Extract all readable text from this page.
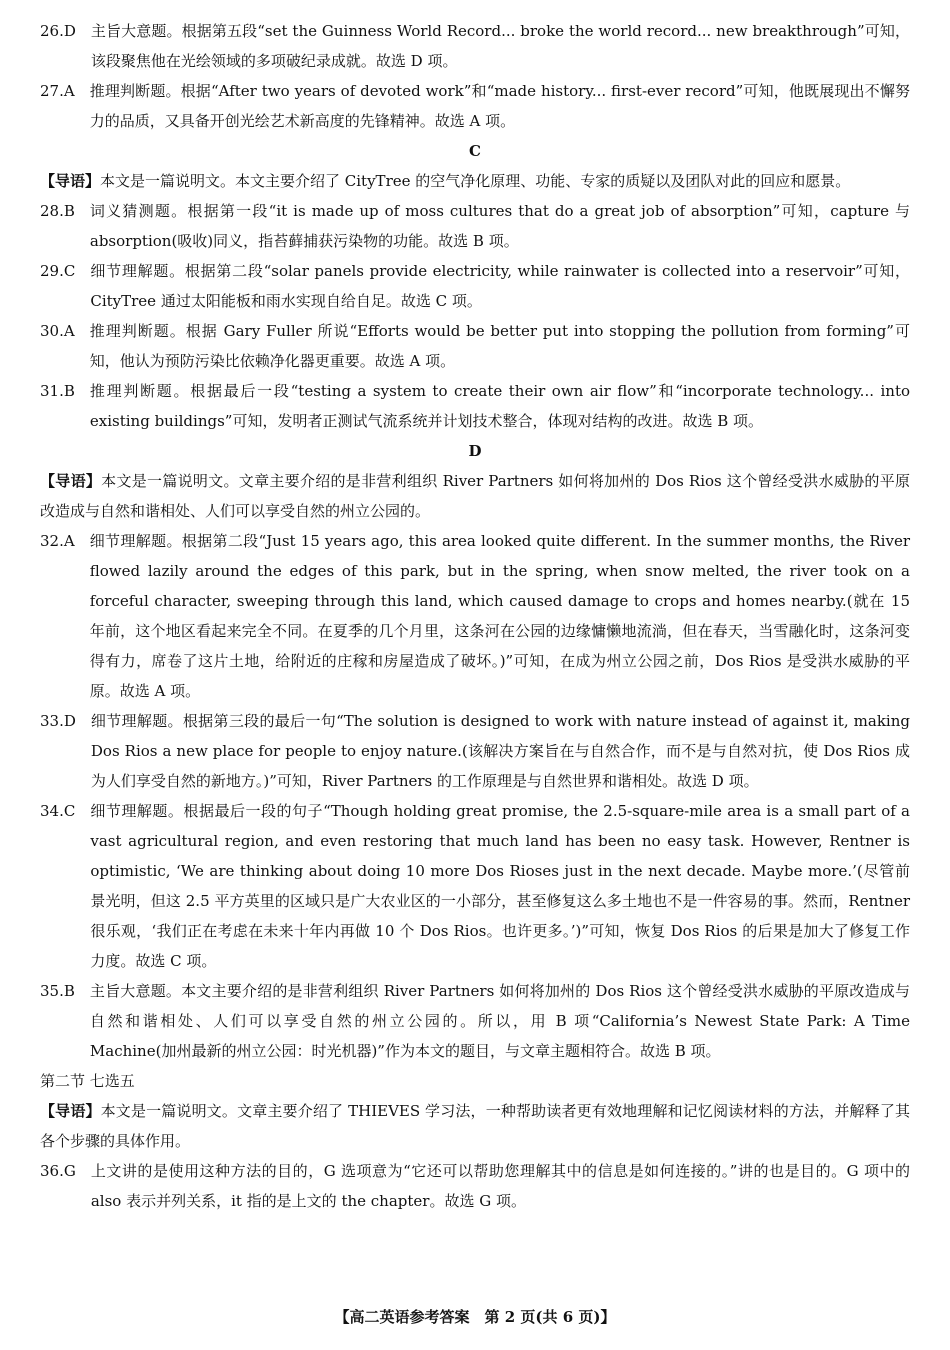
26.D　 主旨大意题。根据第五段“set the Guinness World Record... broke the world record... new breakthrough”可知，该段聚焦他在光绘领域的多项破纪录成就。故选 D 项。
27.A　 推理判断题。根据“After two years of devoted work”和“made history... first-ever record”可知，他既展现出不懈努力的品质，又具备开创光绘艺术新高度的先锋精神。故选 A 项。

C

【导语】本文是一篇说明文。本文主要介绍了 CityTree 的空气净化原理、功能、专家的质疑以及团队对此的回应和愿景。

28.B　 词义猜测题。根据第一段“it is made up of moss cultures that do a great job of absorption”可知，capture 与 absorption(吸收)同义，指苔藓捕获污染物的功能。故选 B 项。
29.C　 细节理解题。根据第二段“solar panels provide electricity, while rainwater is collected into a reservoir”可知，CityTree 通过太阳能板和雨水实现自给自足。故选 C 项。
30.A　 推理判断题。根据 Gary Fuller 所说“Efforts would be better put into stopping the pollution from forming”可知，他认为预防污染比依赖净化器更重要。故选 A 项。
31.B　 推理判断题。根据最后一段“testing a system to create their own air flow”和“incorporate technology... into existing buildings”可知，发明者正测试气流系统并计划技术整合，体现对结构的改进。故选 B 项。

D

【导语】本文是一篇说明文。文章主要介绍的是非营利组织 River Partners 如何将加州的 Dos Rios 这个曾经受洪水威胁的平原改造成与自然和谐相处、人们可以享受自然的州立公园的。

32.A　 细节理解题。根据第二段“Just 15 years ago, this area looked quite different. In the summer months, the River flowed lazily around the edges of this park, but in the spring, when snow melted, the river took on a forceful character, sweeping through this land, which caused damage to crops and homes nearby.(就在 15 年前，这个地区看起来完全不同。在夏季的几个月里，这条河在公园的边缘慵懒地流淌，但在春天，当雪融化时，这条河变得有力，席卷了这片土地，给附近的庄稼和房屋造成了破坏。)”可知，在成为州立公园之前，Dos Rios 是受洪水威胁的平原。故选 A 项。
33.D　 细节理解题。根据第三段的最后一句“The solution is designed to work with nature instead of against it, making Dos Rios a new place for people to enjoy nature.(该解决方案旨在与自然合作，而不是与自然对抗，使 Dos Rios 成为人们享受自然的新地方。)”可知，River Partners 的工作原理是与自然世界和谐相处。故选 D 项。
34.C　 细节理解题。根据最后一段的句子“Though holding great promise, the 2.5-square-mile area is a small part of a vast agricultural region, and even restoring that much land has been no easy task. However, Rentner is optimistic, ‘We are thinking about doing 10 more Dos Rioses just in the next decade. Maybe more.’(尽管前景光明，但这 2.5 平方英里的区域只是广大农业区的一小部分，甚至修复这么多土地也不是一件容易的事。然而，Rentner 很乐观，‘我们正在考虑在未来十年内再做 10 个 Dos Rios。也许更多。’)”可知，恢复 Dos Rios 的后果是加大了修复工作力度。故选 C 项。
35.B　 主旨大意题。本文主要介绍的是非营利组织 River Partners 如何将加州的 Dos Rios 这个曾经受洪水威胁的平原改造成与自然和谐相处、人们可以享受自然的州立公园的。所以，用 B 项“California’s Newest State Park: A Time Machine(加州最新的州立公园：时光机器)”作为本文的题目，与文章主题相符合。故选 B 项。

第二节 七选五

【导语】本文是一篇说明文。文章主要介绍了 THIEVES 学习法，一种帮助读者更有效地理解和记忆阅读材料的方法，并解释了其各个步骤的具体作用。

36.G　 上文讲的是使用这种方法的目的，G 选项意为“它还可以帮助您理解其中的信息是如何连接的。”讲的也是目的。G 项中的 also 表示并列关系，it 指的是上文的 the chapter。故选 G 项。
【高二英语参考答案　第 2 页(共 6 页)】
